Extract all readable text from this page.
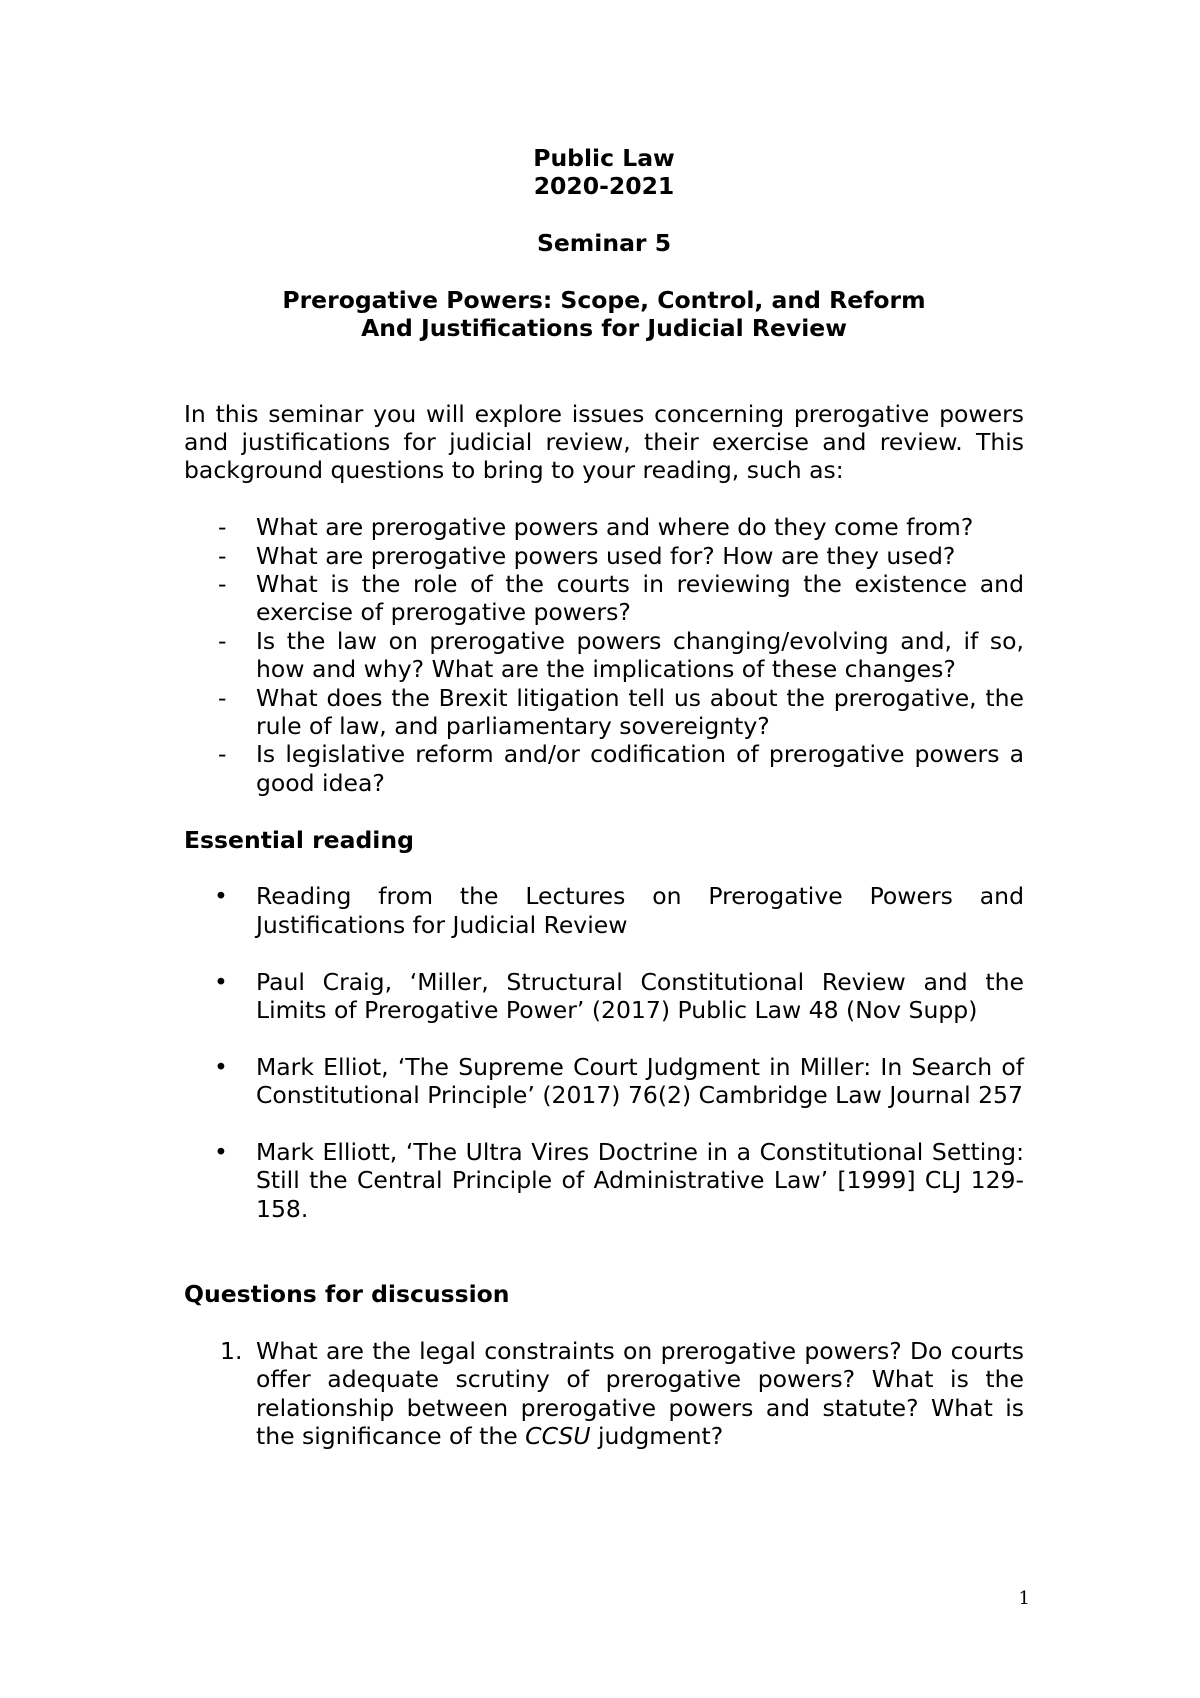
Public Law
2020-2021
Seminar 5
Prerogative Powers: Scope, Control, and Reform
And Justifications for Judicial Review

In this seminar you will explore issues concerning prerogative powers and justifications for judicial review, their exercise and review. This background questions to bring to your reading, such as:

- What are prerogative powers and where do they come from?
- What are prerogative powers used for? How are they used?
- What is the role of the courts in reviewing the existence and exercise of prerogative powers?
- Is the law on prerogative powers changing/evolving and, if so, how and why? What are the implications of these changes?
- What does the Brexit litigation tell us about the prerogative, the rule of law, and parliamentary sovereignty?
- Is legislative reform and/or codification of prerogative powers a good idea?
Essential reading
• Reading from the Lectures on Prerogative Powers and Justifications for Judicial Review
• Paul Craig, ‘Miller, Structural Constitutional Review and the Limits of Prerogative Power’ (2017) Public Law 48 (Nov Supp)
• Mark Elliot, ‘The Supreme Court Judgment in Miller: In Search of Constitutional Principle’ (2017) 76(2) Cambridge Law Journal 257
• Mark Elliott, ‘The Ultra Vires Doctrine in a Constitutional Setting: Still the Central Principle of Administrative Law’ [1999] CLJ 129-158.
Questions for discussion
1. What are the legal constraints on prerogative powers? Do courts offer adequate scrutiny of prerogative powers? What is the relationship between prerogative powers and statute? What is the significance of the CCSU judgment?
1
